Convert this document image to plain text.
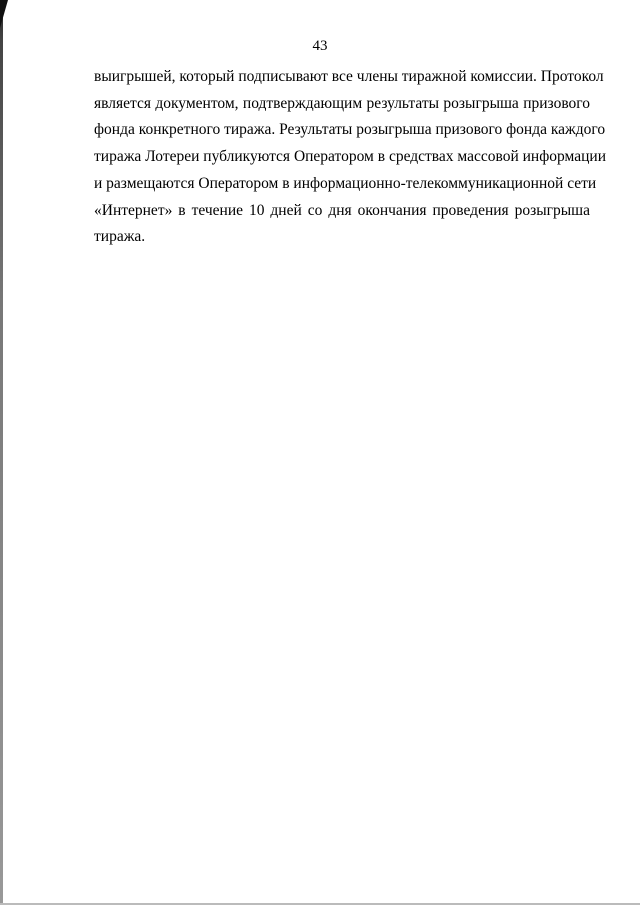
43
выигрышей, который подписывают все члены тиражной комиссии. Протокол
является документом, подтверждающим результаты розыгрыша призового
фонда конкретного тиража. Результаты розыгрыша призового фонда каждого
тиража Лотереи публикуются Оператором в средствах массовой информации
и размещаются Оператором в информационно-телекоммуникационной сети
«Интернет» в течение 10 дней со дня окончания проведения розыгрыша
тиража.
